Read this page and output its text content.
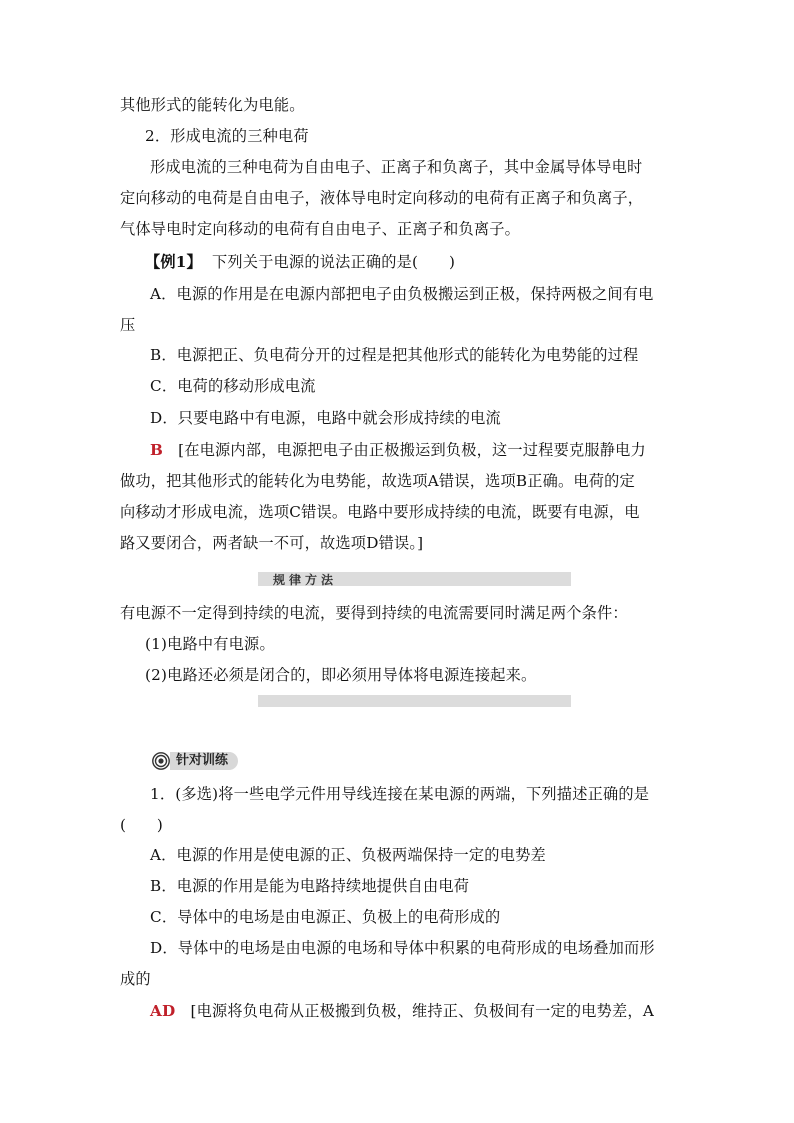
其他形式的能转化为电能。
2．形成电流的三种电荷
形成电流的三种电荷为自由电子、正离子和负离子，其中金属导体导电时
定向移动的电荷是自由电子，液体导电时定向移动的电荷有正离子和负离子，
气体导电时定向移动的电荷有自由电子、正离子和负离子。
【例1】 下列关于电源的说法正确的是(　　)
A．电源的作用是在电源内部把电子由负极搬运到正极，保持两极之间有电
压
B．电源把正、负电荷分开的过程是把其他形式的能转化为电势能的过程
C．电荷的移动形成电流
D．只要电路中有电源，电路中就会形成持续的电流
B [在电源内部，电源把电子由正极搬运到负极，这一过程要克服静电力
做功，把其他形式的能转化为电势能，故选项A错误，选项B正确。电荷的定
向移动才形成电流，选项C错误。电路中要形成持续的电流，既要有电源，电
路又要闭合，两者缺一不可，故选项D错误。]
规律方法
有电源不一定得到持续的电流，要得到持续的电流需要同时满足两个条件：
(1)电路中有电源。
(2)电路还必须是闭合的，即必须用导体将电源连接起来。
针对训练
1．(多选)将一些电学元件用导线连接在某电源的两端，下列描述正确的是
(　　)
A．电源的作用是使电源的正、负极两端保持一定的电势差
B．电源的作用是能为电路持续地提供自由电荷
C．导体中的电场是由电源正、负极上的电荷形成的
D．导体中的电场是由电源的电场和导体中积累的电荷形成的电场叠加而形
成的
AD [电源将负电荷从正极搬到负极，维持正、负极间有一定的电势差，A
